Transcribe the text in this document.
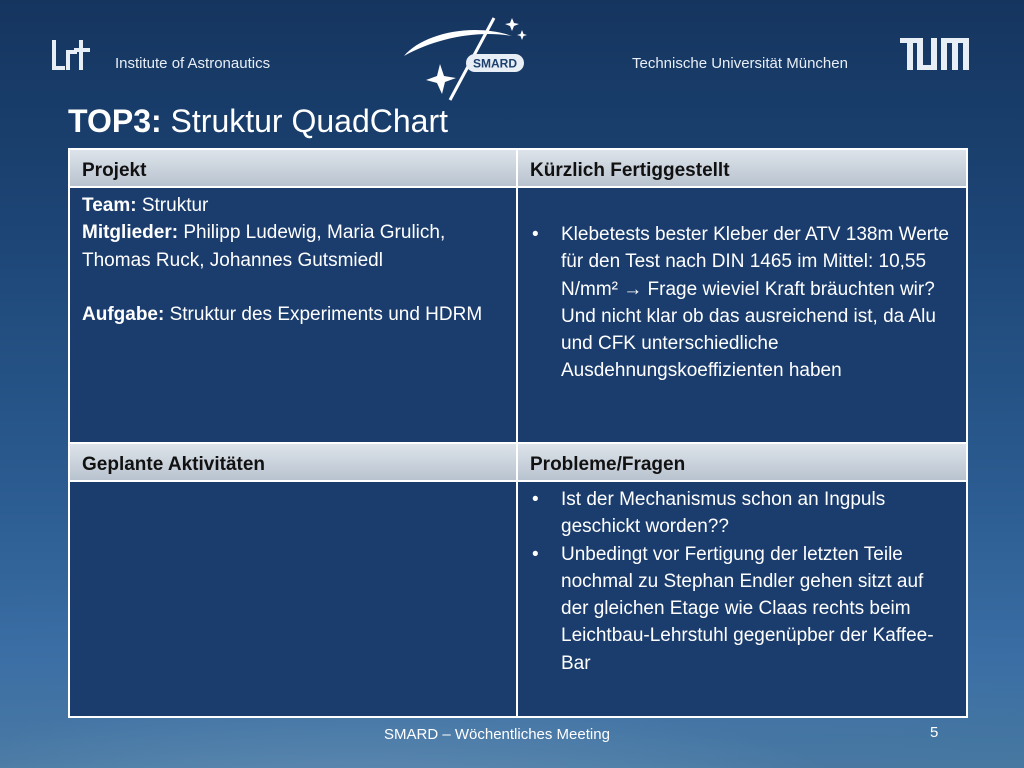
Institute of Astronautics	SMARD	Technische Universität München
TOP3: Struktur QuadChart
Projekt	Kürzlich Fertiggestellt
Team: Struktur
Mitglieder: Philipp Ludewig, Maria Grulich, Thomas Ruck, Johannes Gutsmiedl
Aufgabe: Struktur des Experiments und HDRM
• Klebetests bester Kleber der ATV 138m Werte für den Test nach DIN 1465 im Mittel: 10,55 N/mm² → Frage wieviel Kraft bräuchten wir? Und nicht klar ob das ausreichend ist, da Alu und CFK unterschiedliche Ausdehnungskoeffizienten haben
Geplante Aktivitäten	Probleme/Fragen
• Ist der Mechanismus schon an Ingpuls geschickt worden??
• Unbedingt vor Fertigung der letzten Teile nochmal zu Stephan Endler gehen sitzt auf der gleichen Etage wie Claas rechts beim Leichtbau-Lehrstuhl gegenüpber der Kaffee-Bar
SMARD – Wöchentliches Meeting	5
